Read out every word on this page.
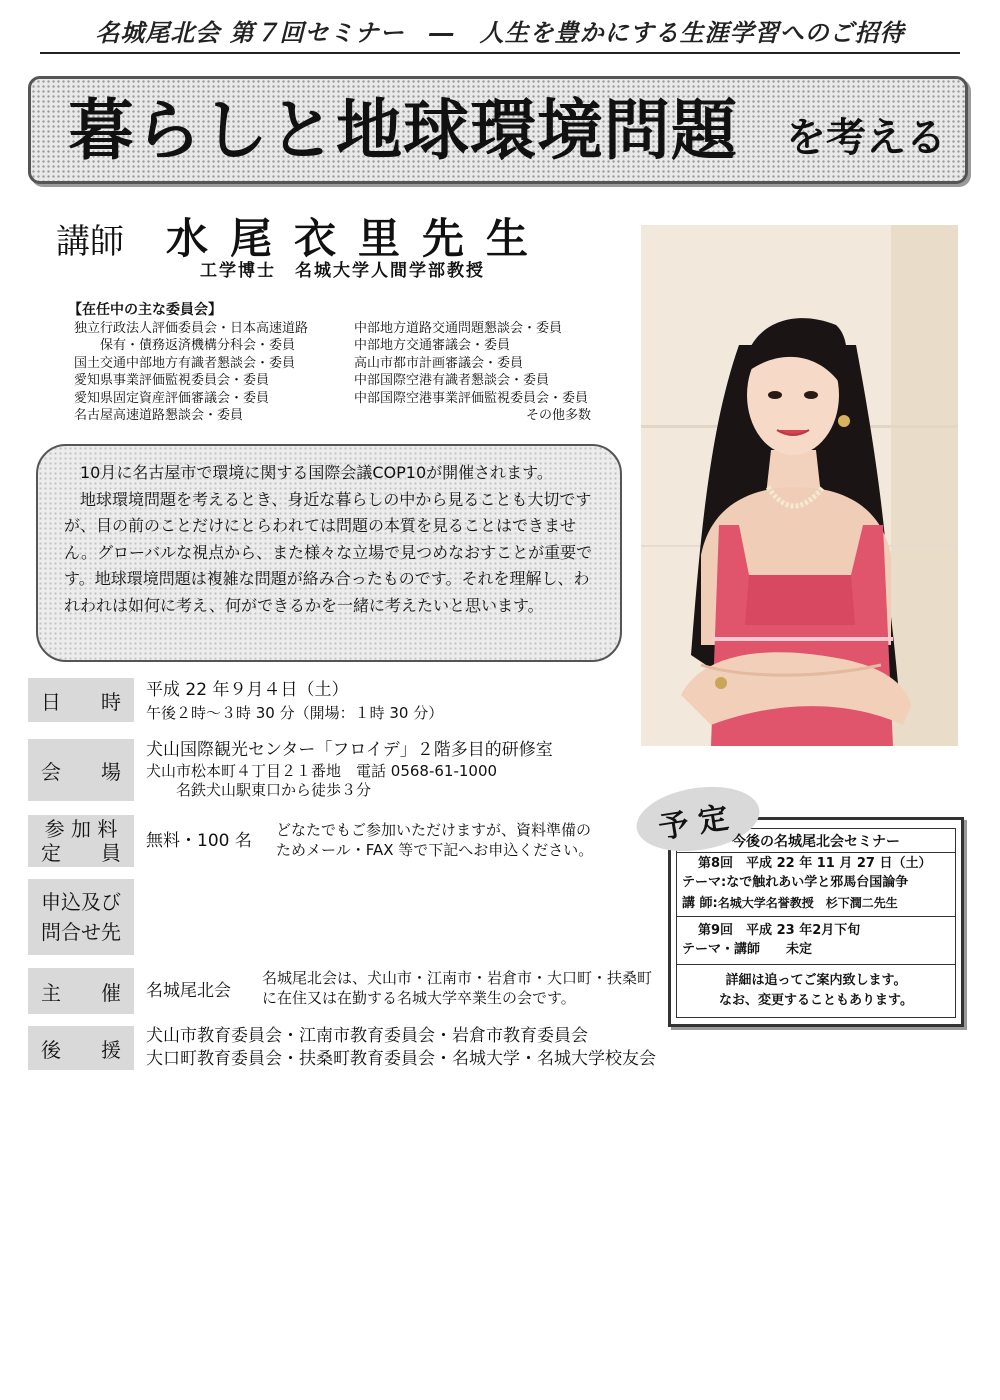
名城尾北会 第７回セミナー　―　人生を豊かにする生涯学習へのご招待
暮らしと地球環境問題 を考える
講師 水尾衣里先生
工学博士　名城大学人間学部教授
【在任中の主な委員会】
独立行政法人評価委員会・日本高速道路
　　保有・債務返済機構分科会・委員
国土交通中部地方有識者懇談会・委員
愛知県事業評価監視委員会・委員
愛知県固定資産評価審議会・委員
名古屋高速道路懇談会・委員
中部地方道路交通問題懇談会・委員
中部地方交通審議会・委員
高山市都市計画審議会・委員
中部国際空港有識者懇談会・委員
中部国際空港事業評価監視委員会・委員
その他多数

10月に名古屋市で環境に関する国際会議COP10が開催されます。

地球環境問題を考えるとき、身近な暮らしの中から見ることも大切ですが、目の前のことだけにとらわれては問題の本質を見ることはできません。グローバルな視点から、また様々な立場で見つめなおすことが重要です。地球環境問題は複雑な問題が絡み合ったものです。それを理解し、われわれは如何に考え、何ができるかを一緒に考えたいと思います。

日　　時	平成 22 年９月４日（土）
午後２時～３時 30 分（開場：１時 30 分）
会　　場
犬山国際観光センター「フロイデ」２階多目的研修室
犬山市松本町４丁目２１番地　電話 0568-61-1000
名鉄犬山駅東口から徒歩３分
参 加 料
定　　員 無料・100 名
どなたでもご参加いただけますが、資料準備の
ためメール・FAX 等で下記へお申込ください。
申込及び
問合せ先
主　　催	名城尾北会
名城尾北会は、犬山市・江南市・岩倉市・大口町・扶桑町
に在住又は在勤する名城大学卒業生の会です。
後　　援
犬山市教育委員会・江南市教育委員会・岩倉市教育委員会
大口町教育委員会・扶桑町教育委員会・名城大学・名城大学校友会
予定
今後の名城尾北会セミナー
第8回　平成 22 年 11 月 27 日（土）
テーマ:なで触れあい学と邪馬台国論争
講 師:名城大学名誉教授　杉下潤二先生
第9回　平成 23 年2月下旬
テーマ・講師　　未定
詳細は追ってご案内致します。
なお、変更することもあります。
